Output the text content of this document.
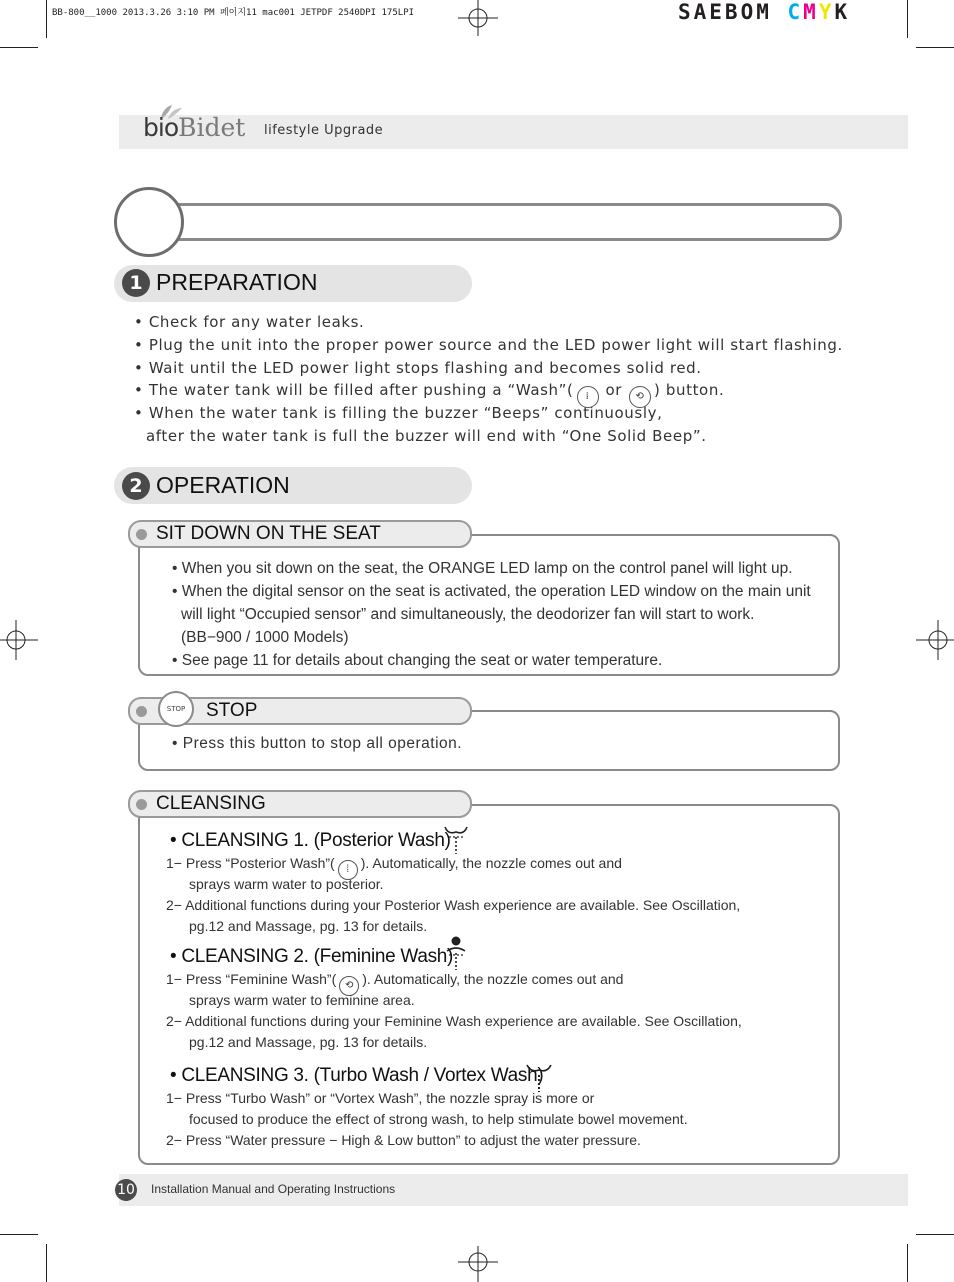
BB-800__1000 2013.3.26 3:10 PM 페이지11 mac001 JETPDF 2540DPI 175LPI	SAEBOM CMYK
bioBidet lifestyle Upgrade
1 PREPARATION
• Check for any water leaks.
• Plug the unit into the proper power source and the LED power light will start flashing.
• Wait until the LED power light stops flashing and becomes solid red.
• The water tank will be filled after pushing a “Wash”( ⁞ or ⟲ ) button.
• When the water tank is filling the buzzer “Beeps” continuously,
after the water tank is full the buzzer will end with “One Solid Beep”.
2 OPERATION
SIT DOWN ON THE SEAT
• When you sit down on the seat, the ORANGE LED lamp on the control panel will light up.
• When the digital sensor on the seat is activated, the operation LED window on the main unit
will light “Occupied sensor” and simultaneously, the deodorizer fan will start to work.
(BB−900 / 1000 Models)
• See page 11 for details about changing the seat or water temperature.
STOP	STOP
• Press this button to stop all operation.
CLEANSING
• CLEANSING 1. (Posterior Wash)
1− Press “Posterior Wash”( ⁞ ). Automatically, the nozzle comes out and
sprays warm water to posterior.
2− Additional functions during your Posterior Wash experience are available. See Oscillation,
pg.12 and Massage, pg. 13 for details.
• CLEANSING 2. (Feminine Wash)
1− Press “Feminine Wash”( ⟲ ). Automatically, the nozzle comes out and
sprays warm water to feminine area.
2− Additional functions during your Feminine Wash experience are available. See Oscillation,
pg.12 and Massage, pg. 13 for details.
• CLEANSING 3. (Turbo Wash / Vortex Wash)
1− Press “Turbo Wash” or “Vortex Wash”, the nozzle spray is more or
focused to produce the effect of strong wash, to help stimulate bowel movement.
2− Press “Water pressure − High & Low button” to adjust the water pressure.
10 Installation Manual and Operating Instructions
